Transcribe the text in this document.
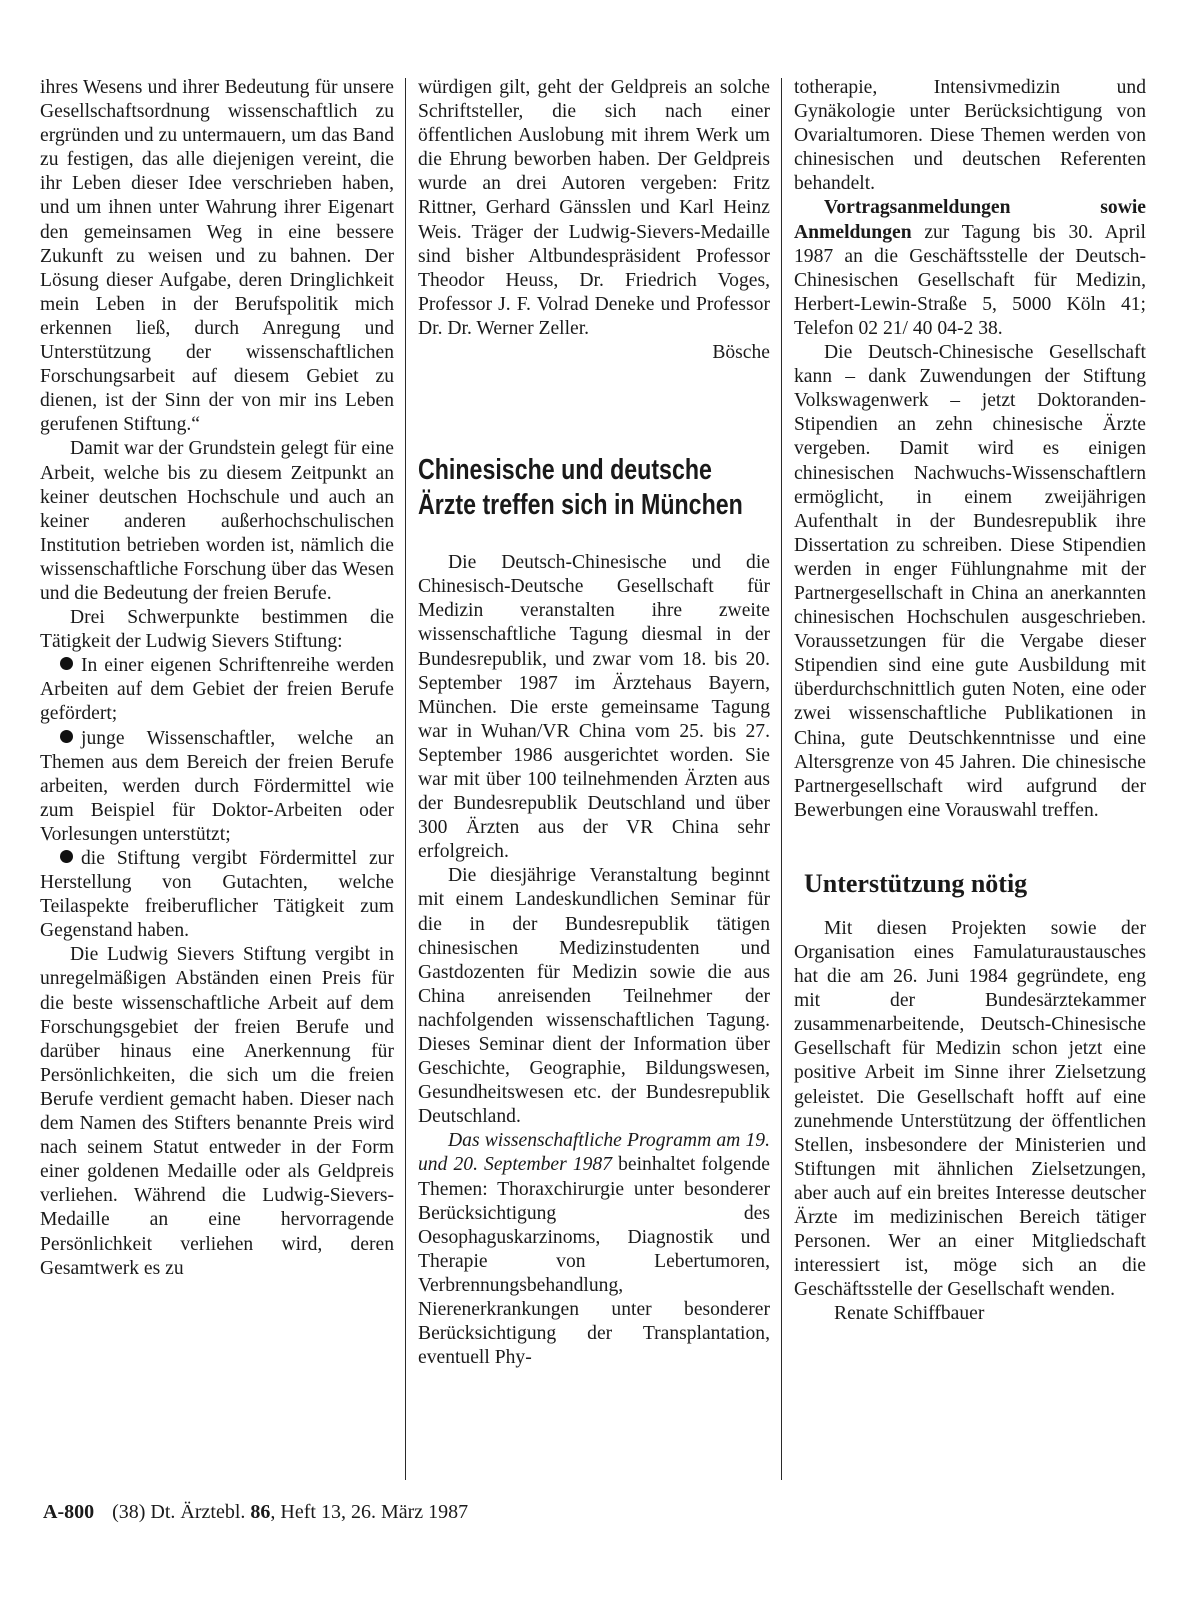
ihres Wesens und ihrer Bedeutung für unsere Gesellschaftsordnung wissenschaftlich zu ergründen und zu untermauern, um das Band zu festigen, das alle diejenigen vereint, die ihr Leben dieser Idee verschrieben haben, und um ihnen unter Wahrung ihrer Eigenart den gemeinsamen Weg in eine bessere Zukunft zu weisen und zu bahnen. Der Lösung dieser Aufgabe, deren Dringlichkeit mein Leben in der Berufspolitik mich erkennen ließ, durch Anregung und Unterstützung der wissenschaftlichen Forschungsarbeit auf diesem Gebiet zu dienen, ist der Sinn der von mir ins Leben gerufenen Stiftung.“

Damit war der Grundstein gelegt für eine Arbeit, welche bis zu diesem Zeitpunkt an keiner deutschen Hochschule und auch an keiner anderen außerhochschulischen Institution betrieben worden ist, nämlich die wissenschaftliche Forschung über das Wesen und die Bedeutung der freien Berufe.

Drei Schwerpunkte bestimmen die Tätigkeit der Ludwig Sievers Stiftung:

In einer eigenen Schriftenreihe werden Arbeiten auf dem Gebiet der freien Berufe gefördert;

junge Wissenschaftler, welche an Themen aus dem Bereich der freien Berufe arbeiten, werden durch Fördermittel wie zum Beispiel für Doktor-Arbeiten oder Vorlesungen unterstützt;

die Stiftung vergibt Fördermittel zur Herstellung von Gutachten, welche Teilaspekte freiberuflicher Tätigkeit zum Gegenstand haben.

Die Ludwig Sievers Stiftung vergibt in unregelmäßigen Abständen einen Preis für die beste wissenschaftliche Arbeit auf dem Forschungsgebiet der freien Berufe und darüber hinaus eine Anerkennung für Persönlichkeiten, die sich um die freien Berufe verdient gemacht haben. Dieser nach dem Namen des Stifters benannte Preis wird nach seinem Statut entweder in der Form einer goldenen Medaille oder als Geldpreis verliehen. Während die Ludwig-Sievers-Medaille an eine hervorragende Persönlichkeit verliehen wird, deren Gesamtwerk es zu

würdigen gilt, geht der Geldpreis an solche Schriftsteller, die sich nach einer öffentlichen Auslobung mit ihrem Werk um die Ehrung beworben haben. Der Geldpreis wurde an drei Autoren vergeben: Fritz Rittner, Gerhard Gänsslen und Karl Heinz Weis. Träger der Ludwig-Sievers-Medaille sind bisher Altbundespräsident Professor Theodor Heuss, Dr. Friedrich Voges, Professor J. F. Volrad Deneke und Professor Dr. Dr. Werner Zeller.

Bösche

Chinesische und deutsche Ärzte treffen sich in München

Die Deutsch-Chinesische und die Chinesisch-Deutsche Gesellschaft für Medizin veranstalten ihre zweite wissenschaftliche Tagung diesmal in der Bundesrepublik, und zwar vom 18. bis 20. September 1987 im Ärztehaus Bayern, München. Die erste gemeinsame Tagung war in Wuhan/VR China vom 25. bis 27. September 1986 ausgerichtet worden. Sie war mit über 100 teilnehmenden Ärzten aus der Bundesrepublik Deutschland und über 300 Ärzten aus der VR China sehr erfolgreich.

Die diesjährige Veranstaltung beginnt mit einem Landeskundlichen Seminar für die in der Bundesrepublik tätigen chinesischen Medizinstudenten und Gastdozenten für Medizin sowie die aus China anreisenden Teilnehmer der nachfolgenden wissenschaftlichen Tagung. Dieses Seminar dient der Information über Geschichte, Geographie, Bildungswesen, Gesundheitswesen etc. der Bundesrepublik Deutschland.

Das wissenschaftliche Programm am 19. und 20. September 1987 beinhaltet folgende Themen: Thoraxchirurgie unter besonderer Berücksichtigung des Oesophaguskarzinoms, Diagnostik und Therapie von Lebertumoren, Verbrennungsbehandlung, Nierenerkrankungen unter besonderer Berücksichtigung der Transplantation, eventuell Phy-

totherapie, Intensivmedizin und Gynäkologie unter Berücksichtigung von Ovarialtumoren. Diese Themen werden von chinesischen und deutschen Referenten behandelt.

Vortragsanmeldungen sowie Anmeldungen zur Tagung bis 30. April 1987 an die Geschäftsstelle der Deutsch-Chinesischen Gesellschaft für Medizin, Herbert-Lewin-Straße 5, 5000 Köln 41; Telefon 02 21/ 40 04-2 38.

Die Deutsch-Chinesische Gesellschaft kann – dank Zuwendungen der Stiftung Volkswagenwerk – jetzt Doktoranden-Stipendien an zehn chinesische Ärzte vergeben. Damit wird es einigen chinesischen Nachwuchs-Wissenschaftlern ermöglicht, in einem zweijährigen Aufenthalt in der Bundesrepublik ihre Dissertation zu schreiben. Diese Stipendien werden in enger Fühlungnahme mit der Partnergesellschaft in China an anerkannten chinesischen Hochschulen ausgeschrieben. Voraussetzungen für die Vergabe dieser Stipendien sind eine gute Ausbildung mit überdurchschnittlich guten Noten, eine oder zwei wissenschaftliche Publikationen in China, gute Deutschkenntnisse und eine Altersgrenze von 45 Jahren. Die chinesische Partnergesellschaft wird aufgrund der Bewerbungen eine Vorauswahl treffen.

Unterstützung nötig

Mit diesen Projekten sowie der Organisation eines Famulaturaustausches hat die am 26. Juni 1984 gegründete, eng mit der Bundesärztekammer zusammenarbeitende, Deutsch-Chinesische Gesellschaft für Medizin schon jetzt eine positive Arbeit im Sinne ihrer Zielsetzung geleistet. Die Gesellschaft hofft auf eine zunehmende Unterstützung der öffentlichen Stellen, insbesondere der Ministerien und Stiftungen mit ähnlichen Zielsetzungen, aber auch auf ein breites Interesse deutscher Ärzte im medizinischen Bereich tätiger Personen. Wer an einer Mitgliedschaft interessiert ist, möge sich an die Geschäftsstelle der Gesellschaft wenden.

Renate Schiffbauer

A-800 (38) Dt. Ärztebl. 86, Heft 13, 26. März 1987
